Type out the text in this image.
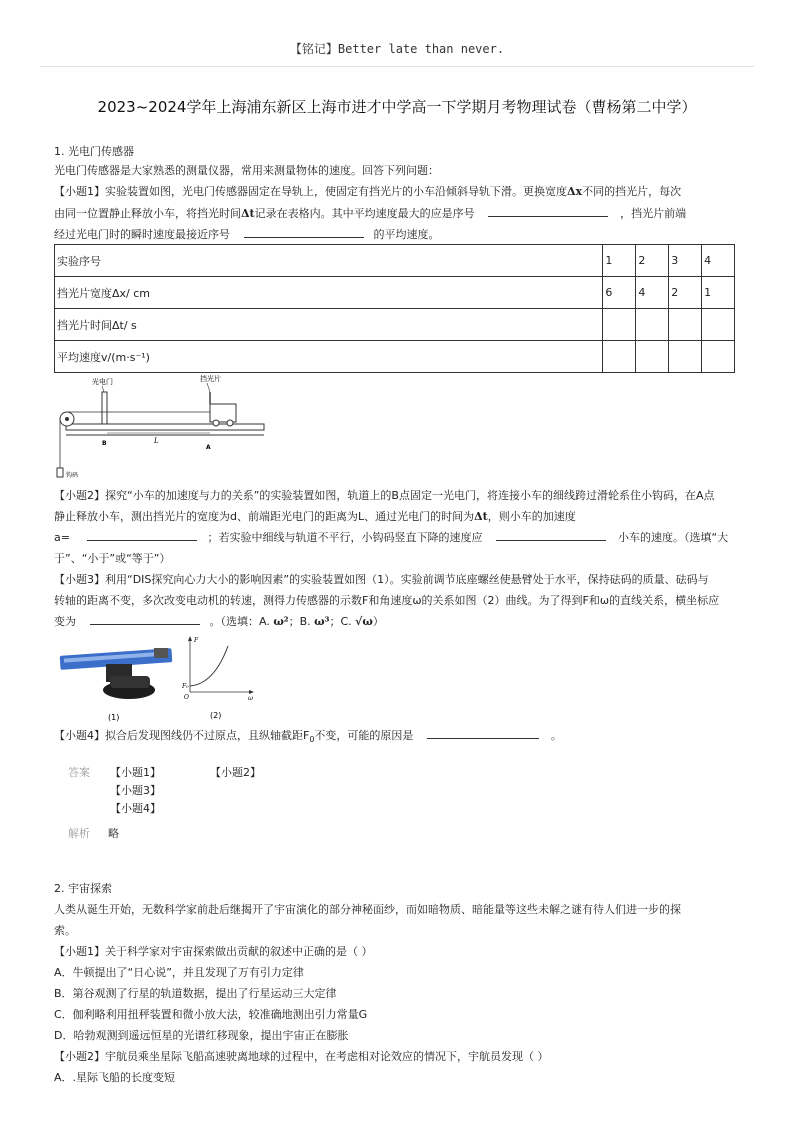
【铭记】Better late than never.
2023~2024学年上海浦东新区上海市进才中学高一下学期月考物理试卷（曹杨第二中学）
1. 光电门传感器
光电门传感器是大家熟悉的测量仪器，常用来测量物体的速度。回答下列问题：
【小题1】实验装置如图，光电门传感器固定在导轨上，使固定有挡光片的小车沿倾斜导轨下滑。更换宽度Δx不同的挡光片，每次
由同一位置静止释放小车，将挡光时间Δt记录在表格内。其中平均速度最大的应是序号	，挡光片前端
经过光电门时的瞬时速度最接近序号	的平均速度。
实验序号	1	2	3	4
挡光片宽度Δx/ cm	6	4	2	1
挡光片时间Δt/ s				
平均速度v/(m·s⁻¹)				
光电门	挡光片
钩码
B	L
A
【小题2】探究“小车的加速度与力的关系”的实验装置如图，轨道上的B点固定一光电门，将连接小车的细线跨过滑轮系住小钩码，在A点
静止释放小车，测出挡光片的宽度为d、前端距光电门的距离为L、通过光电门的时间为Δt，则小车的加速度
a=	；若实验中细线与轨道不平行，小钩码竖直下降的速度应	小车的速度。（选填“大
于”、“小于”或“等于”）
【小题3】利用“DIS探究向心力大小的影响因素”的实验装置如图（1）。实验前调节底座螺丝使悬臂处于水平，保持砝码的质量、砝码与
转轴的距离不变，多次改变电动机的转速，测得力传感器的示数F和角速度ω的关系如图（2）曲线。为了得到F和ω的直线关系，横坐标应
变为	。（选填：A. ω²；B. ω³；C. √ω）
(1)
F
F₀
O	ω
(2)
【小题4】拟合后发现图线仍不过原点，且纵轴截距$F_0$不变，可能的原因是	。
答案 【小题1】	【小题2】
【小题3】
【小题4】
解析 略
2. 宇宙探索
人类从诞生开始，无数科学家前赴后继揭开了宇宙演化的部分神秘面纱，而如暗物质、暗能量等这些未解之谜有待人们进一步的探
索。
【小题1】关于科学家对宇宙探索做出贡献的叙述中正确的是（ ）
A．牛顿提出了“日心说”，并且发现了万有引力定律
B．第谷观测了行星的轨道数据，提出了行星运动三大定律
C．伽利略利用扭秤装置和微小放大法，较准确地测出引力常量G
D．哈勃观测到遥远恒星的光谱红移现象，提出宇宙正在膨胀
【小题2】宇航员乘坐星际飞船高速驶离地球的过程中，在考虑相对论效应的情况下，宇航员发现（ ）
A．.星际飞船的长度变短
